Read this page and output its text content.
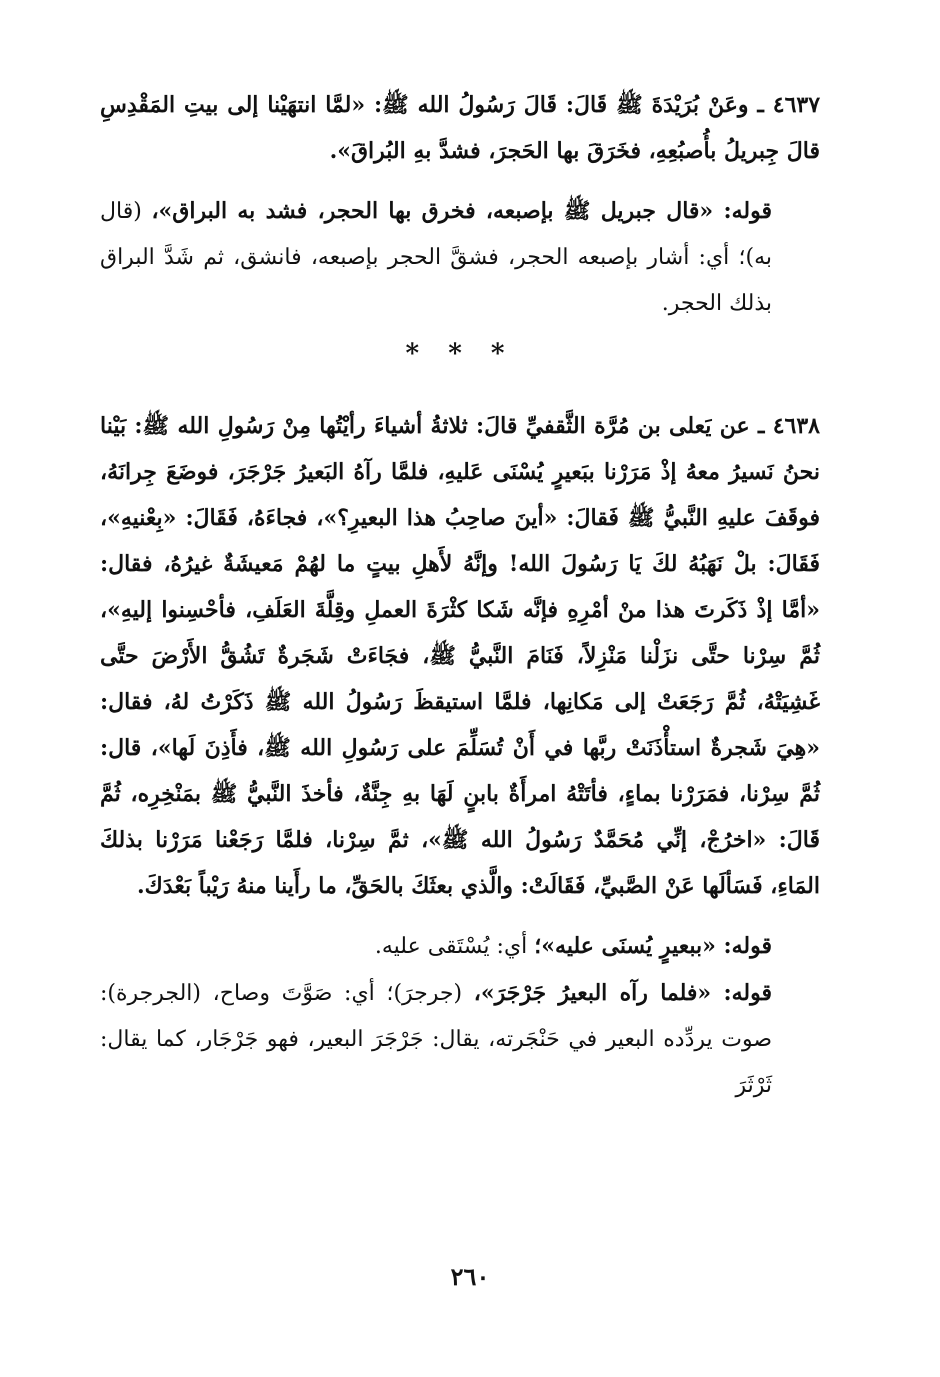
٤٦٣٧ ـ وعَنْ بُرَيْدَةَ ﷺ قَالَ: قَالَ رَسُولُ الله ﷺ: «لمَّا انتهَيْنا إلى بيتِ المَقْدِسِ قالَ جِبريلُ بأُصبُعِهِ، فخَرَقَ بها الحَجرَ، فشدَّ بهِ البُراقَ».

قوله: «قال جبريل ﷺ بإصبعه، فخرق بها الحجر، فشد به البراق»، (قال به)؛ أي: أشار بإصبعه الحجر، فشقَّ الحجر بإصبعه، فانشق، ثم شَدَّ البراق بذلك الحجر.

* * *

٤٦٣٨ ـ عن يَعلى بن مُرَّة الثَّقفيِّ قالَ: ثلاثةُ أشياءَ رأيْتُها مِنْ رَسُولِ الله ﷺ: بَيْنا نحنُ نَسيرُ معهُ إذْ مَرَرْنا ببَعيرٍ يُسْنَى عَليهِ، فلمَّا رآهُ البَعيرُ جَرْجَرَ، فوضَعَ جِرانَهُ، فوقَفَ عليهِ النَّبيُّ ﷺ فَقالَ: «أينَ صاحِبُ هذا البعيرِ؟»، فجاءَهُ، فَقَالَ: «بِعْنيهِ»، فَقَالَ: بلْ نَهَبُهُ لكَ يَا رَسُولَ الله! وإنَّهُ لأَهلِ بيتٍ ما لهُمْ مَعيشَةٌ غيرُهُ، فقال: «أمَّا إذْ ذَكَرتَ هذا منْ أمْرِهِ فإنَّه شَكا كثْرَةَ العملِ وقِلَّةَ العَلَفِ، فأحْسِنوا إليهِ»، ثُمَّ سِرْنا حتَّى نزَلْنا مَنْزِلاً، فَنَامَ النَّبيُّ ﷺ، فجَاءَتْ شَجَرةٌ تَشُقُّ الأَرْضَ حتَّى غَشِيَتْهُ، ثُمَّ رَجَعَتْ إلى مَكانِها، فلمَّا استيقظَ رَسُولُ الله ﷺ ذَكَرْتُ لهُ، فقال: «هِيَ شَجرةٌ استأْذَنَتْ ربَّها في أَنْ تُسَلِّمَ على رَسُولِ الله ﷺ، فأَذِنَ لَها»، قال: ثُمَّ سِرْنا، فمَرَرْنا بماءٍ، فأتَتْهُ امرأَةٌ بابنٍ لَهَا بهِ جِنَّةٌ، فأخذَ النَّبيُّ ﷺ بمَنْخِرِه، ثُمَّ قَالَ: «اخرُجْ، إنِّي مُحَمَّدٌ رَسُولُ الله ﷺ»، ثمَّ سِرْنا، فلمَّا رَجَعْنا مَرَرْنا بذلكَ المَاءِ، فَسَألَها عَنْ الصَّبيِّ، فَقَالَتْ: والَّذي بعثَكَ بالحَقِّ، ما رأَينا منهُ رَيْباً بَعْدَكَ.

قوله: «ببعيرٍ يُسنَى عليه»؛ أي: يُسْتَقى عليه.

قوله: «فلما رآه البعيرُ جَرْجَرَ»، (جرجرَ)؛ أي: صَوَّتَ وصاح، (الجرجرة): صوت يردِّده البعير في حَنْجَرته، يقال: جَرْجَرَ البعير، فهو جَرْجَار، كما يقال: ثَرْثَرَ

٢٦٠
